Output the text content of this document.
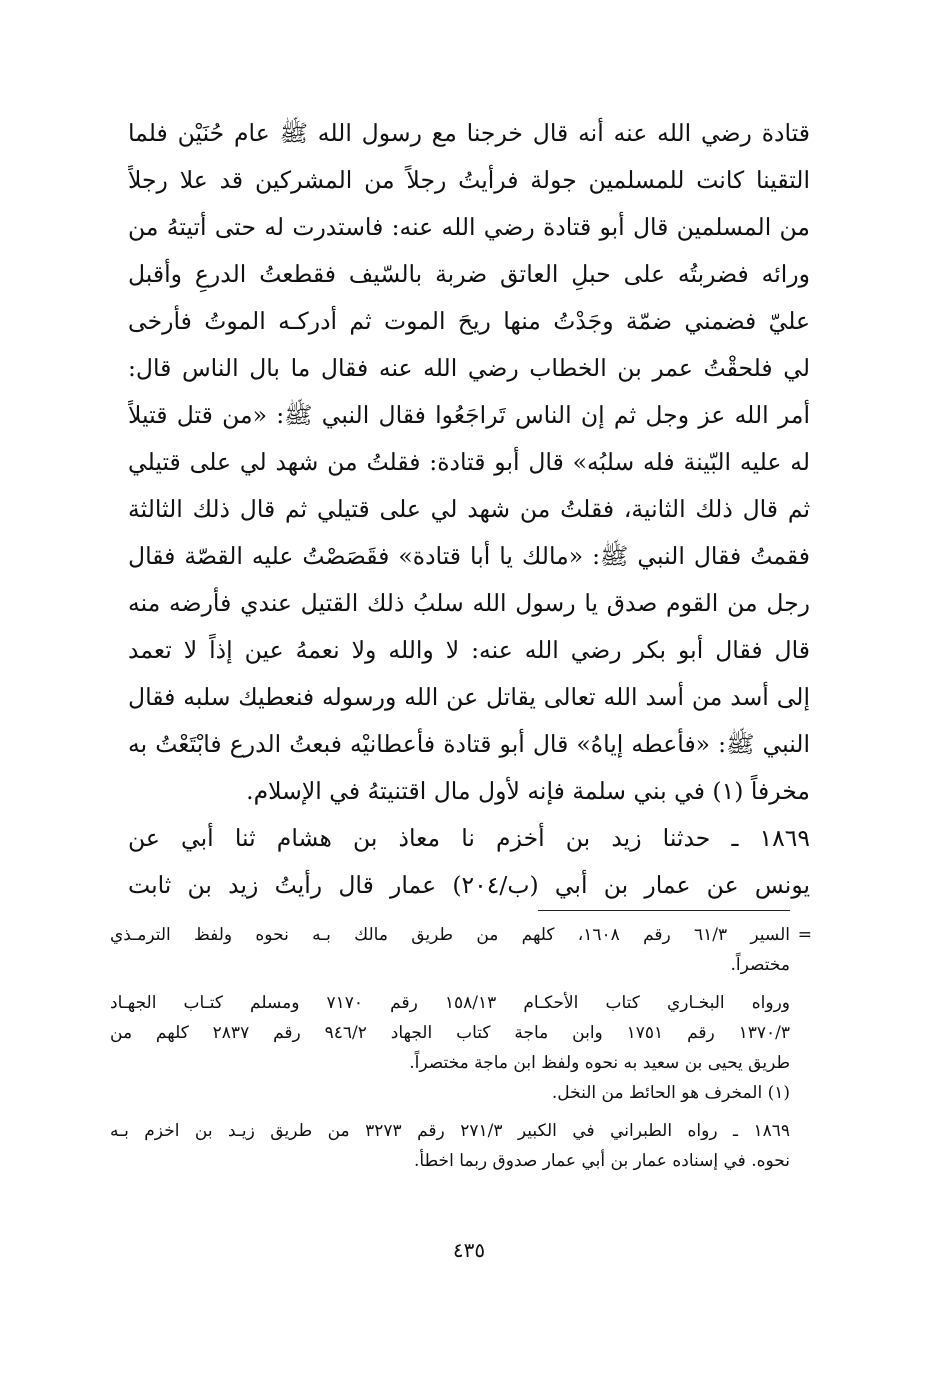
قتادة رضي الله عنه أنه قال خرجنا مع رسول الله ﷺ عام حُنَيْن فلما
التقينا كانت للمسلمين جولة فرأيتُ رجلاً من المشركين قد علا رجلاً
من المسلمين قال أبو قتادة رضي الله عنه: فاستدرت له حتى أتيتهُ من
ورائه فضربتُه على حبلِ العاتق ضربة بالسّيف فقطعتُ الدرعِ وأقبل
عليّ فضمني ضمّة وجَدْتُ منها ريحَ الموت ثم أدركـه الموتُ فأرخى
لي فلحقْتُ عمر بن الخطاب رضي الله عنه فقال ما بال الناس قال:
أمر الله عز وجل ثم إن الناس تَراجَعُوا فقال النبي ﷺ: «من قتل قتيلاً
له عليه البّينة فله سلبُه» قال أبو قتادة: فقلتُ من شهد لي على قتيلي
ثم قال ذلك الثانية، فقلتُ من شهد لي على قتيلي ثم قال ذلك الثالثة
فقمتُ فقال النبي ﷺ: «مالك يا أبا قتادة» فقَصَصْتُ عليه القصّة فقال
رجل من القوم صدق يا رسول الله سلبُ ذلك القتيل عندي فأرضه منه
قال فقال أبو بكر رضي الله عنه: لا والله ولا نعمهُ عين إذاً لا تعمد
إلى أسد من أسد الله تعالى يقاتل عن الله ورسوله فنعطيك سلبه فقال
النبي ﷺ: «فأعطه إياهُ» قال أبو قتادة فأعطانيْه فبعتُ الدرع فابْتَعْتُ به
مخرفاً (١) في بني سلمة فإنه لأول مال اقتنيتهُ في الإسلام.
١٨٦٩ ـ حدثنا زيد بن أخزم نا معاذ بن هشام ثنا أبي عن
يونس عن عمار بن أبي (ب/٢٠٤) عمار قال رأيتُ زيد بن ثابت
=
السير ٦١/٣ رقم ١٦٠٨، كلهم من طريق مالك بـه نحوه ولفظ الترمـذي
مختصراً.
ورواه البخـاري كتاب الأحكـام ١٥٨/١٣ رقم ٧١٧٠ ومسلم كتـاب الجهـاد
١٣٧٠/٣ رقم ١٧٥١ وابن ماجة كتاب الجهاد ٩٤٦/٢ رقم ٢٨٣٧ كلهم من
طريق يحيى بن سعيد به نحوه ولفظ ابن ماجة مختصراً.
(١) المخرف هو الحائط من النخل.
١٨٦٩ ـ رواه الطبراني في الكبير ٢٧١/٣ رقم ٣٢٧٣ من طريق زيـد بن اخزم بـه
نحوه. في إسناده عمار بن أبي عمار صدوق ربما اخطأ.
٤٣٥
